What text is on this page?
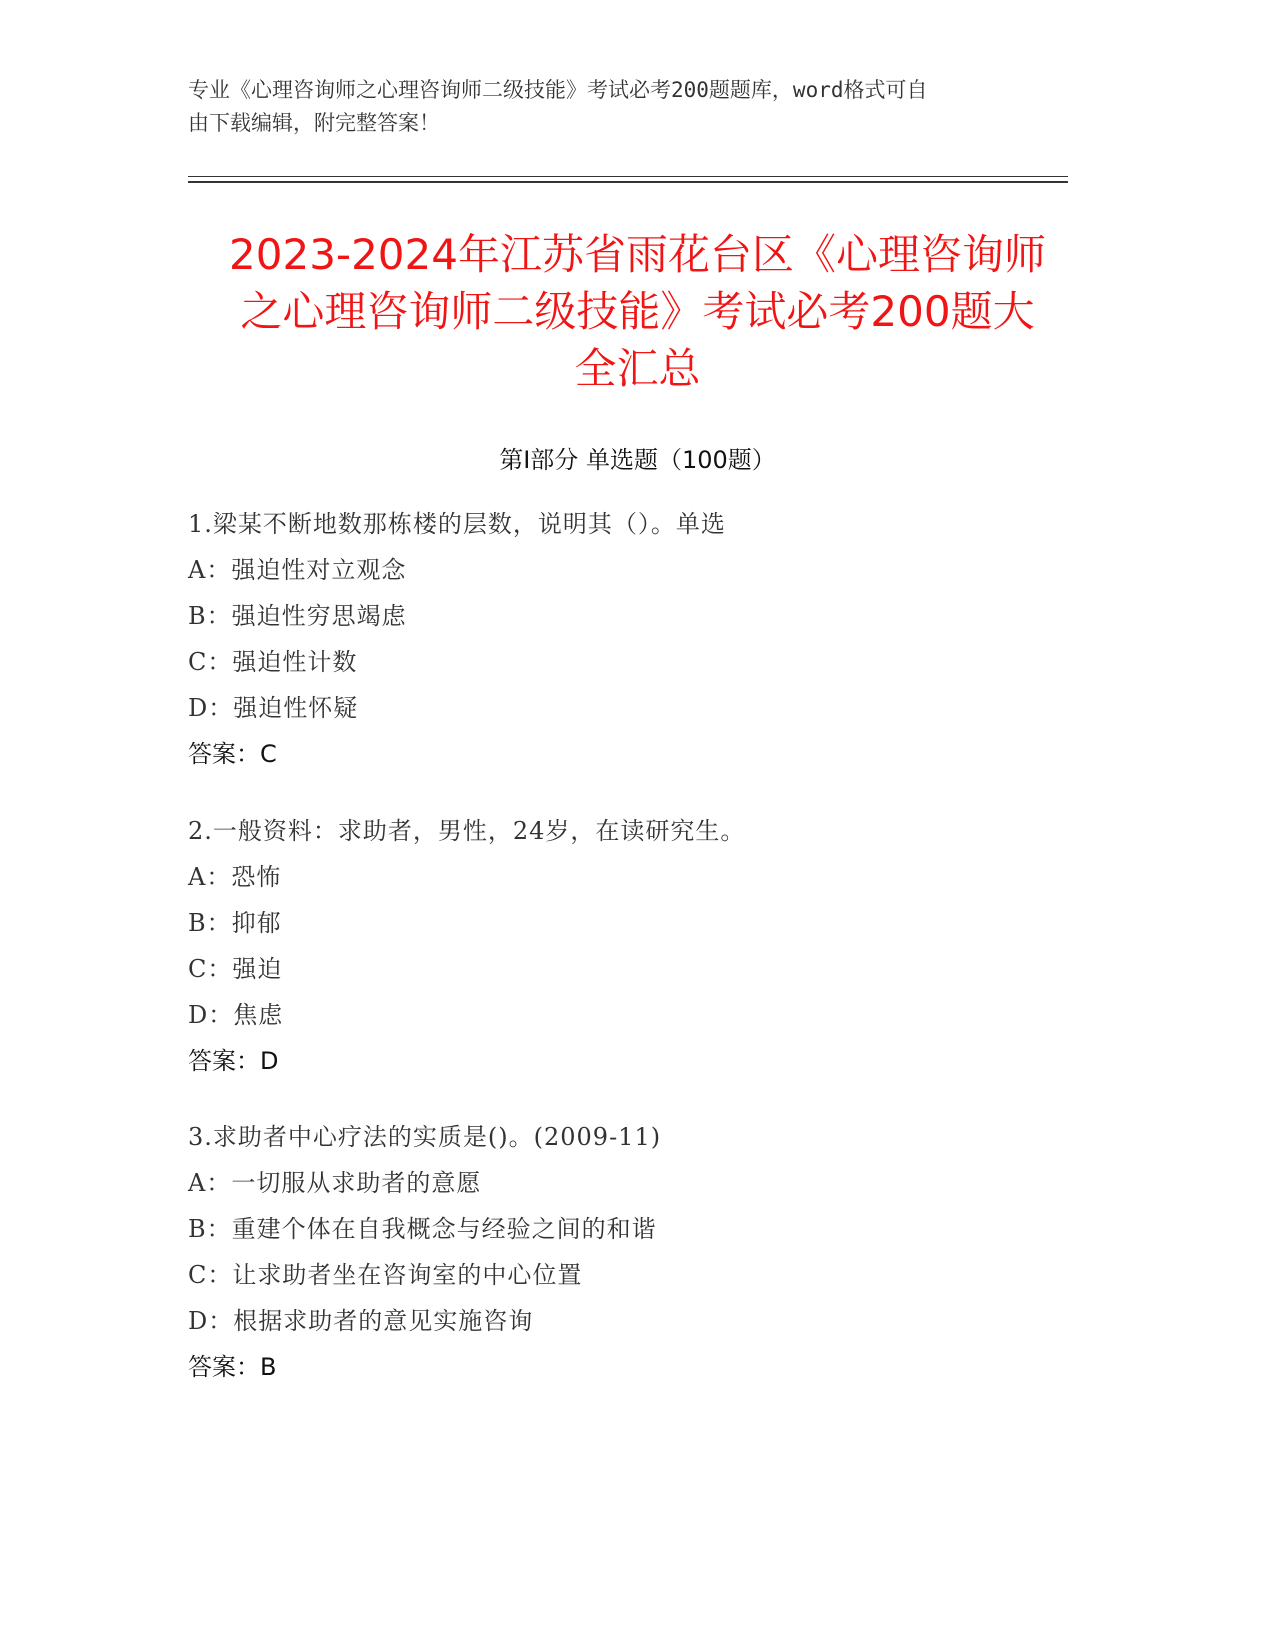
专业《心理咨询师之心理咨询师二级技能》考试必考200题题库，word格式可自
由下载编辑，附完整答案！
2023-2024年江苏省雨花台区《心理咨询师
之心理咨询师二级技能》考试必考200题大
全汇总
第Ⅰ部分 单选题（100题）
1.梁某不断地数那栋楼的层数，说明其（）。单选
A：强迫性对立观念
B：强迫性穷思竭虑
C：强迫性计数
D：强迫性怀疑
答案：C
2.一般资料：求助者，男性，24岁，在读研究生。
A：恐怖
B：抑郁
C：强迫
D：焦虑
答案：D
3.求助者中心疗法的实质是()。(2009-11)
A：一切服从求助者的意愿
B：重建个体在自我概念与经验之间的和谐
C：让求助者坐在咨询室的中心位置
D：根据求助者的意见实施咨询
答案：B
